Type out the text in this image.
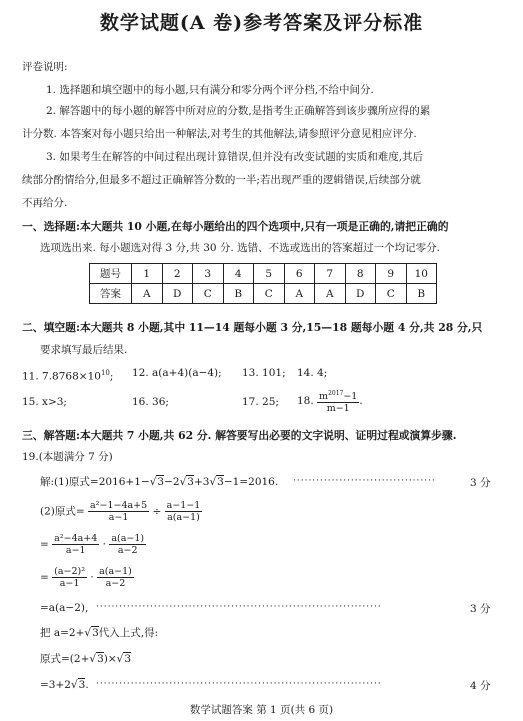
数学试题(A 卷)参考答案及评分标准
评卷说明:
1. 选择题和填空题中的每小题,只有满分和零分两个评分档,不给中间分.
2. 解答题中的每小题的解答中所对应的分数,是指考生正确解答到该步骤所应得的累
计分数. 本答案对每小题只给出一种解法,对考生的其他解法,请参照评分意见相应评分.
3. 如果考生在解答的中间过程出现计算错误,但并没有改变试题的实质和难度,其后
续部分酌情给分,但最多不超过正确解答分数的一半;若出现严重的逻辑错误,后续部分就
不再给分.
一、选择题:本大题共 10 小题,在每小题给出的四个选项中,只有一项是正确的,请把正确的
选项选出来. 每小题选对得 3 分,共 30 分. 选错、不选或选出的答案超过一个均记零分.
题号	1	2	3	4	5	6	7	8	9	10
答案	A	D	C	B	C	A	A	D	C	B
二、填空题:本大题共 8 小题,其中 11—14 题每小题 3 分,15—18 题每小题 4 分,共 28 分,只
要求填写最后结果.
11. $7.8768\times 10^{10}$; 12. a(a+4)(a−4); 13. 101; 14. 4;
15. x>3;	16. 36;	17. 25; 18. $\frac{m^{2017}-1}{m-1}$ .
三、解答题:本大题共 7 小题,共 62 分. 解答要写出必要的文字说明、证明过程或演算步骤.
19.(本题满分 7 分)
解:(1)原式=2016+1−√3−2√3+3√3−1=2016. ·····································	3 分
(2)原式= $\frac{\text{a²−1−4a+5}}{a-1} \div \frac{a-1-1}{a(a-1)}$
= $\frac{\text{a²−4a+4}}{a-1} \cdot \frac{a(a-1)}{a-2}$
= $\frac{\text{(a−2)²}}{a-1} \cdot \frac{a(a-1)}{a-2}$
=a(a−2), ··········································································	3 分
把 a=2+√3代入上式,得:
原式=(2+√3)×√3
=3+2√3. ··········································································	4 分
数学试题答案 第 1 页(共 6 页)
